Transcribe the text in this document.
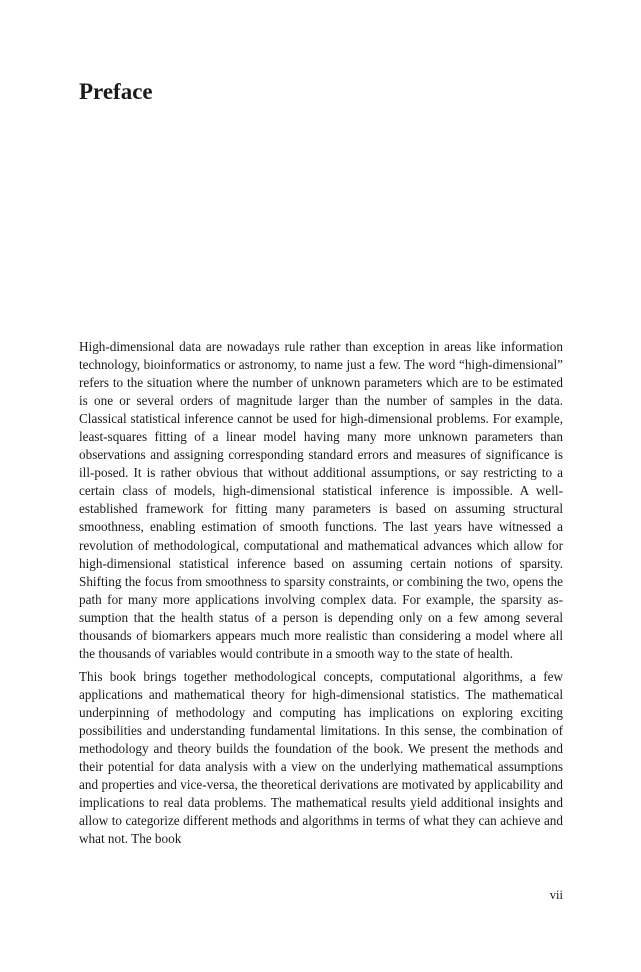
Preface

High-dimensional data are nowadays rule rather than exception in areas like information technology, bioinformatics or astronomy, to name just a few. The word “high-dimensional” refers to the situation where the number of unknown parameters which are to be estimated is one or several orders of magnitude larger than the number of samples in the data. Classical statistical inference cannot be used for high-dimensional problems. For example, least-squares fitting of a linear model having many more unknown parameters than observations and assigning corresponding standard errors and measures of significance is ill-posed. It is rather obvious that without additional assumptions, or say restricting to a certain class of models, high-dimensional statistical inference is impossible. A well-established framework for fitting many parameters is based on assuming structural smoothness, enabling estimation of smooth functions. The last years have witnessed a revolution of methodological, computational and mathematical advances which allow for high-dimensional statistical inference based on assuming certain notions of sparsity. Shifting the focus from smoothness to sparsity constraints, or combining the two, opens the path for many more applications involving complex data. For example, the sparsity assumption that the health status of a person is depending only on a few among several thousands of biomarkers appears much more realistic than considering a model where all the thousands of variables would contribute in a smooth way to the state of health.

This book brings together methodological concepts, computational algorithms, a few applications and mathematical theory for high-dimensional statistics. The mathematical underpinning of methodology and computing has implications on exploring exciting possibilities and understanding fundamental limitations. In this sense, the combination of methodology and theory builds the foundation of the book. We present the methods and their potential for data analysis with a view on the underlying mathematical assumptions and properties and vice-versa, the theoretical derivations are motivated by applicability and implications to real data problems. The mathematical results yield additional insights and allow to categorize different methods and algorithms in terms of what they can achieve and what not. The book

vii
